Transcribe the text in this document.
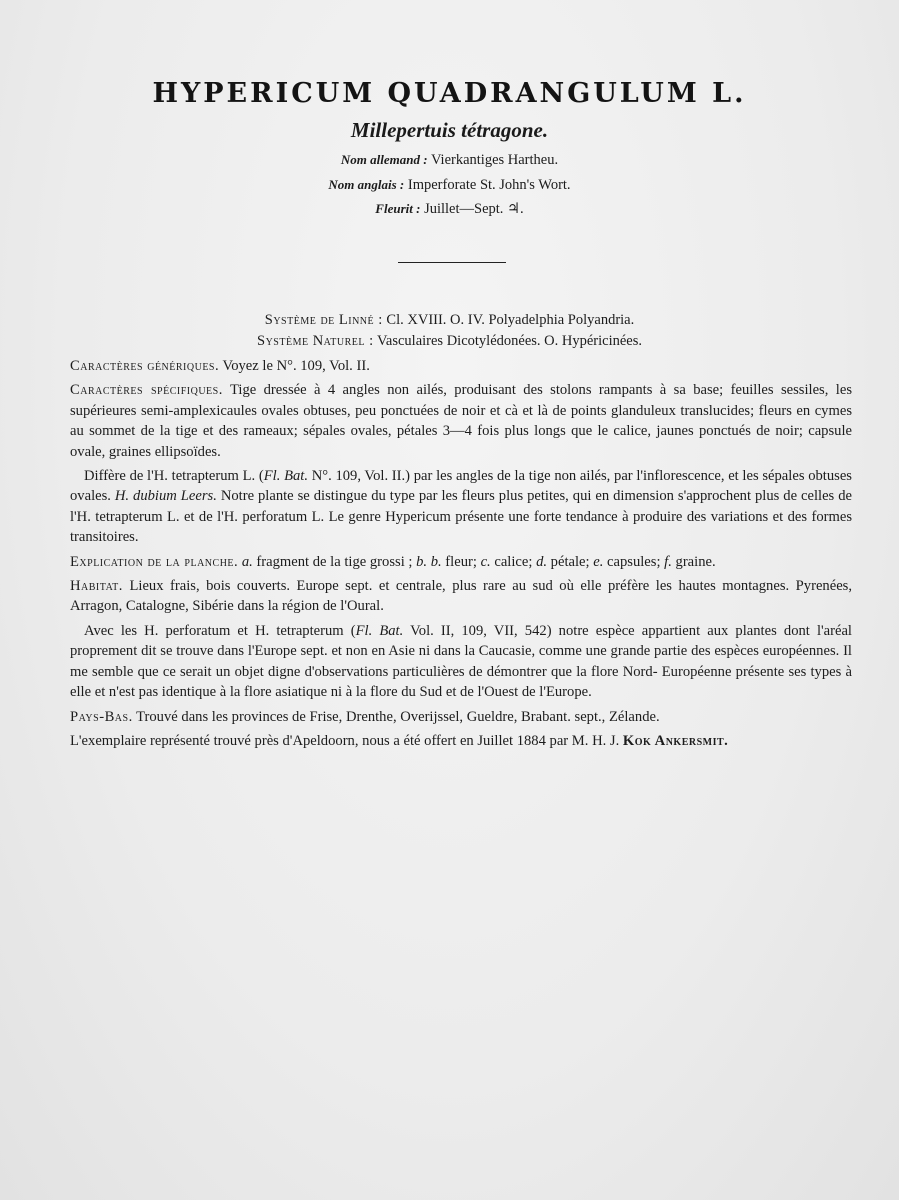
HYPERICUM QUADRANGULUM L.
Millepertuis tétragone.
Nom allemand : Vierkantiges Hartheu.
Nom anglais : Imperforate St. John's Wort.
Fleurit : Juillet—Sept. ♃.
Système de Linné : Cl. XVIII. O. IV. Polyadelphia Polyandria.
Système Naturel : Vasculaires Dicotylédonées. O. Hypéricinées.

Caractères génériques. Voyez le N°. 109, Vol. II.

Caractères spécifiques. Tige dressée à 4 angles non ailés, produisant des stolons rampants à sa base; feuilles sessiles, les supérieures semi-amplexicaules ovales obtuses, peu ponctuées de noir et cà et là de points glanduleux translucides; fleurs en cymes au sommet de la tige et des rameaux; sépales ovales, pétales 3—4 fois plus longs que le calice, jaunes ponctués de noir; capsule ovale, graines ellipsoïdes.

Diffère de l'H. tetrapterum L. (Fl. Bat. N°. 109, Vol. II.) par les angles de la tige non ailés, par l'inflorescence, et les sépales obtuses ovales. H. dubium Leers. Notre plante se distingue du type par les fleurs plus petites, qui en dimension s'approchent plus de celles de l'H. tetrapterum L. et de l'H. perforatum L. Le genre Hypericum présente une forte tendance à produire des variations et des formes transitoires.

Explication de la planche. a. fragment de la tige grossi ; b. b. fleur; c. calice; d. pétale; e. capsules; f. graine.

Habitat. Lieux frais, bois couverts. Europe sept. et centrale, plus rare au sud où elle préfère les hautes montagnes. Pyrenées, Arragon, Catalogne, Sibérie dans la région de l'Oural.

Avec les H. perforatum et H. tetrapterum (Fl. Bat. Vol. II, 109, VII, 542) notre espèce appartient aux plantes dont l'aréal proprement dit se trouve dans l'Europe sept. et non en Asie ni dans la Caucasie, comme une grande partie des espèces européennes. Il me semble que ce serait un objet digne d'observations particulières de démontrer que la flore Nord- Européenne présente ses types à elle et n'est pas identique à la flore asiatique ni à la flore du Sud et de l'Ouest de l'Europe.

Pays-Bas. Trouvé dans les provinces de Frise, Drenthe, Overijssel, Gueldre, Brabant. sept., Zélande.

L'exemplaire représenté trouvé près d'Apeldoorn, nous a été offert en Juillet 1884 par M. H. J. Kok Ankersmit.
